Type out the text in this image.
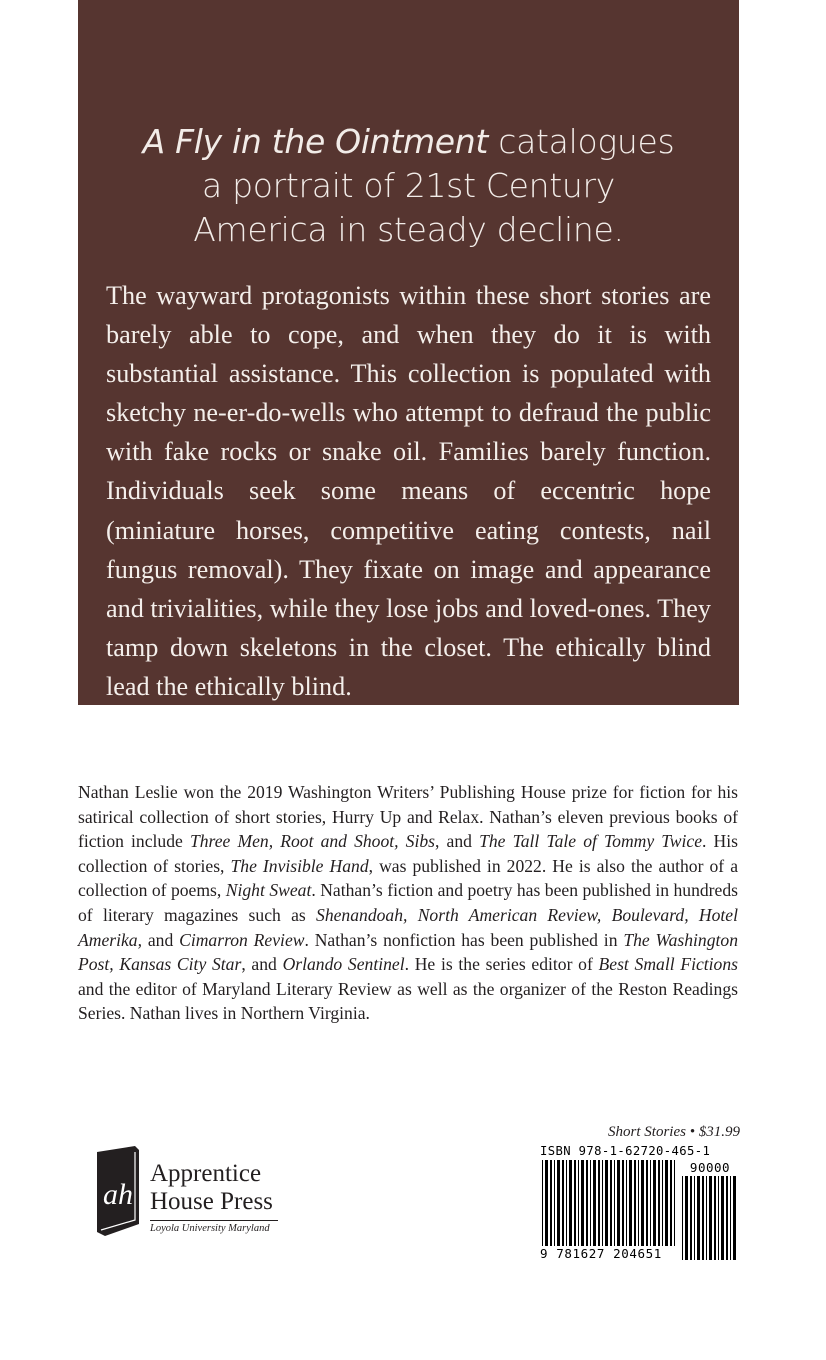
A Fly in the Ointment catalogues
a portrait of 21st Century
America in steady decline.

The wayward protagonists within these short stories are barely able to cope, and when they do it is with substantial assistance. This collection is populated with sketchy ne-er-do-wells who attempt to defraud the public with fake rocks or snake oil. Families barely function. Individuals seek some means of eccentric hope (miniature horses, competitive eating contests, nail fungus removal). They fixate on image and appearance and trivialities, while they lose jobs and loved-ones. They tamp down skeletons in the closet. The ethically blind lead the ethically blind.

Nathan Leslie won the 2019 Washington Writers’ Publishing House prize for fiction for his satirical collection of short stories, Hurry Up and Relax. Nathan’s eleven previous books of fiction include Three Men, Root and Shoot, Sibs, and The Tall Tale of Tommy Twice. His collection of stories, The Invisible Hand, was published in 2022. He is also the author of a collection of poems, Night Sweat. Nathan’s fiction and poetry has been published in hundreds of literary magazines such as Shenandoah, North American Review, Boulevard, Hotel Amerika, and Cimarron Review. Nathan’s nonfiction has been published in The Washington Post, Kansas City Star, and Orlando Sentinel. He is the series editor of Best Small Fictions and the editor of Maryland Literary Review as well as the organizer of the Reston Readings Series. Nathan lives in Northern Virginia.

Short Stories • $31.99
ISBN 978-1-62720-465-1
90000
9 781627 204651
ah
Apprentice
House Press
Loyola University Maryland
